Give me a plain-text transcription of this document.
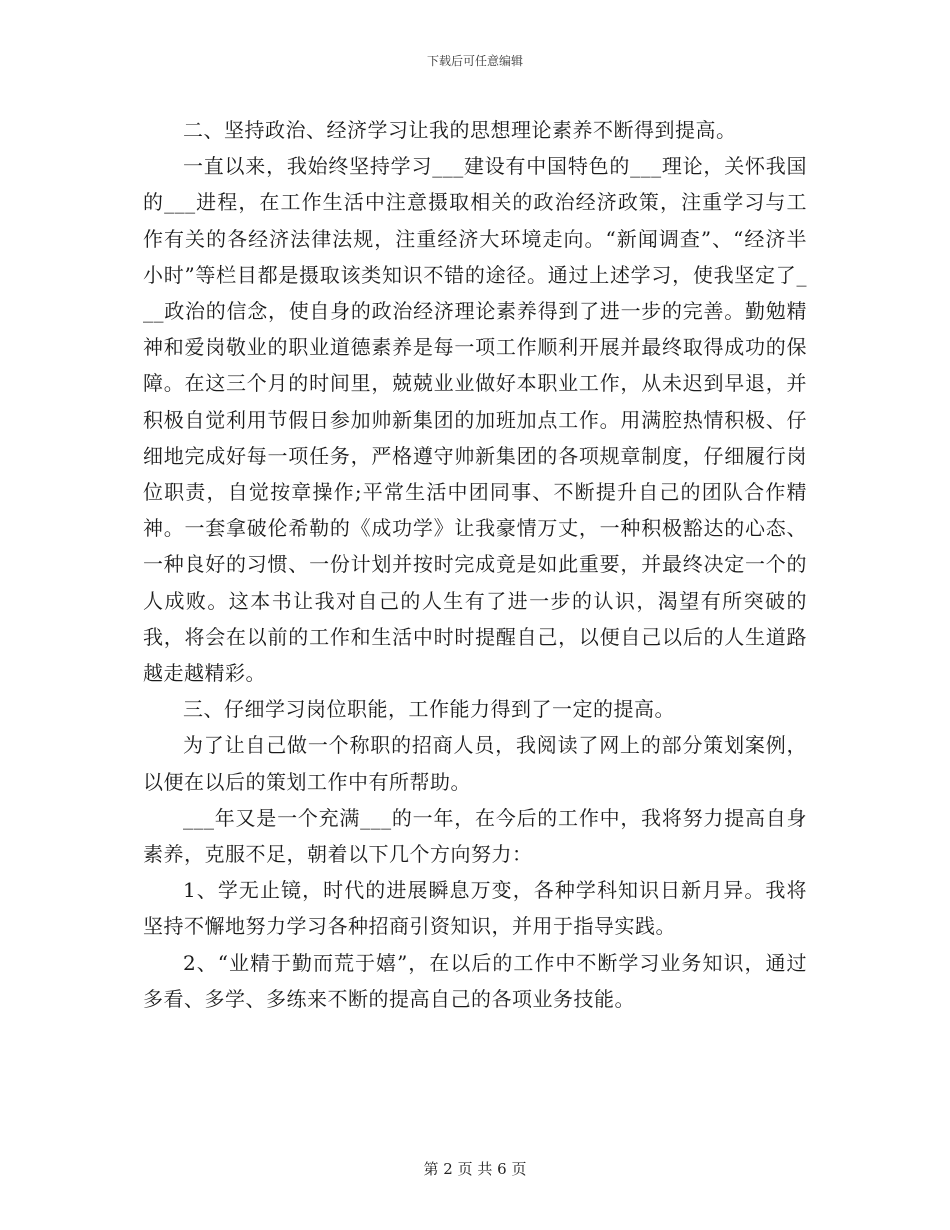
下载后可任意编辑

二、坚持政治、经济学习让我的思想理论素养不断得到提高。

一直以来，我始终坚持学习___建设有中国特色的___理论，关怀我国的___进程，在工作生活中注意摄取相关的政治经济政策，注重学习与工作有关的各经济法律法规，注重经济大环境走向。“新闻调查”、“经济半小时”等栏目都是摄取该类知识不错的途径。通过上述学习，使我坚定了___政治的信念，使自身的政治经济理论素养得到了进一步的完善。勤勉精神和爱岗敬业的职业道德素养是每一项工作顺利开展并最终取得成功的保障。在这三个月的时间里，兢兢业业做好本职业工作，从未迟到早退，并积极自觉利用节假日参加帅新集团的加班加点工作。用满腔热情积极、仔细地完成好每一项任务，严格遵守帅新集团的各项规章制度，仔细履行岗位职责，自觉按章操作;平常生活中团同事、不断提升自己的团队合作精神。一套拿破伦希勒的《成功学》让我豪情万丈，一种积极豁达的心态、一种良好的习惯、一份计划并按时完成竟是如此重要，并最终决定一个的人成败。这本书让我对自己的人生有了进一步的认识，渴望有所突破的我，将会在以前的工作和生活中时时提醒自己，以便自己以后的人生道路越走越精彩。

三、仔细学习岗位职能，工作能力得到了一定的提高。

为了让自己做一个称职的招商人员，我阅读了网上的部分策划案例，以便在以后的策划工作中有所帮助。

___年又是一个充满___的一年，在今后的工作中，我将努力提高自身素养，克服不足，朝着以下几个方向努力：

1、学无止镜，时代的进展瞬息万变，各种学科知识日新月异。我将坚持不懈地努力学习各种招商引资知识，并用于指导实践。

2、“业精于勤而荒于嬉”，在以后的工作中不断学习业务知识，通过多看、多学、多练来不断的提高自己的各项业务技能。

第 2 页 共 6 页
